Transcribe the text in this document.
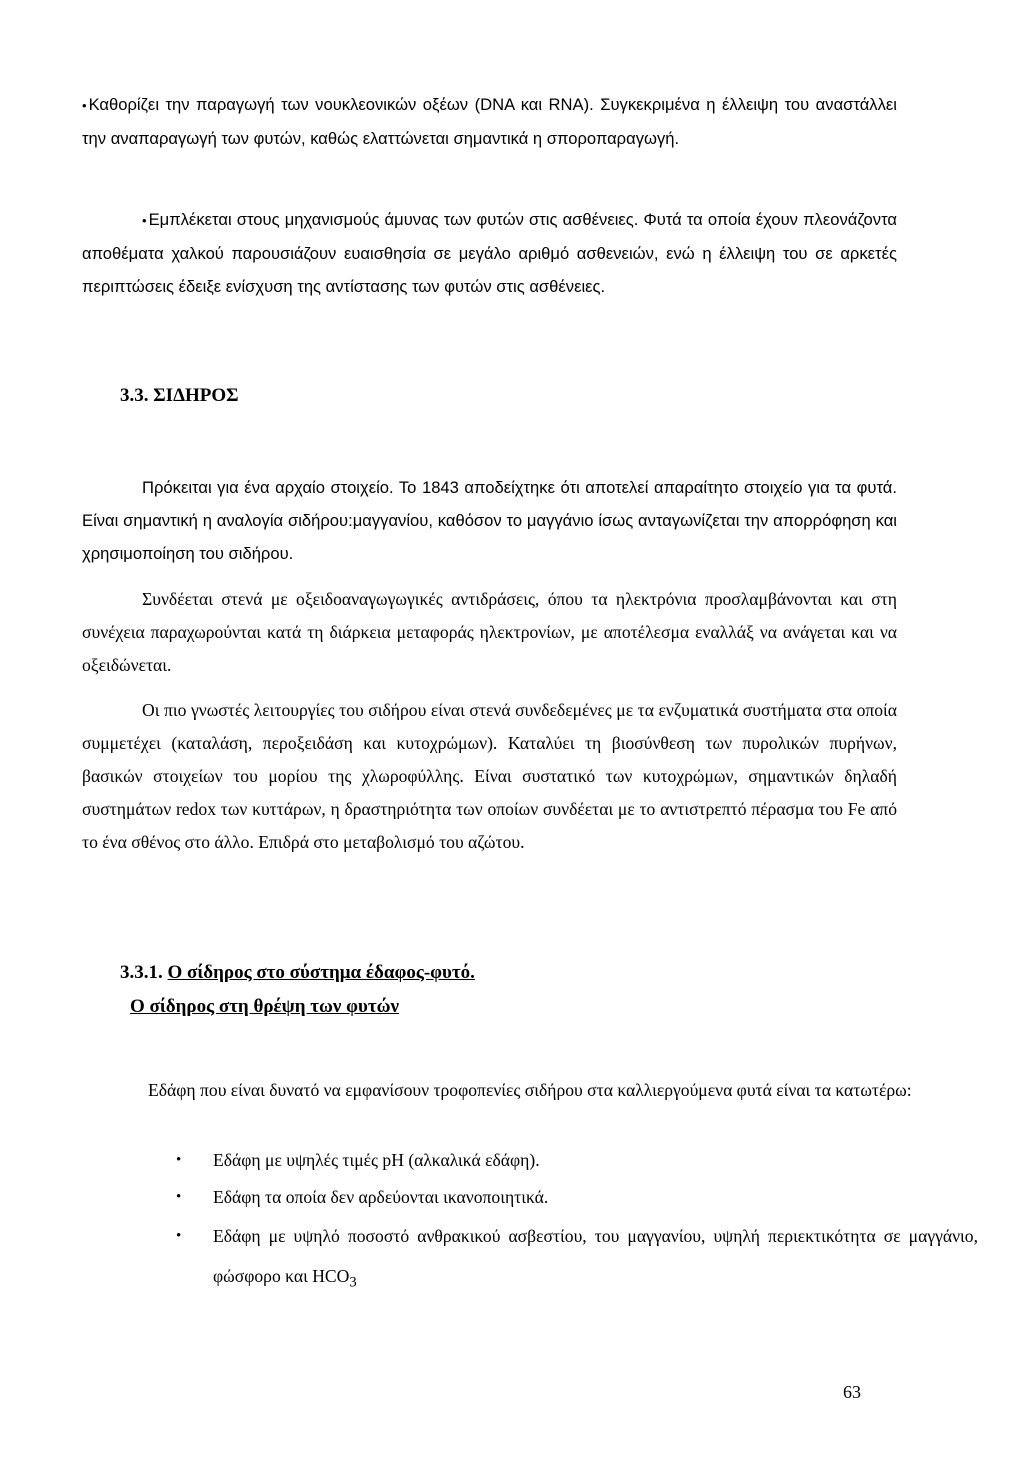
• Καθορίζει την παραγωγή των νουκλεονικών οξέων (DNA και RNA). Συγκεκριμένα η έλλειψη του αναστάλλει την αναπαραγωγή των φυτών, καθώς ελαττώνεται σημαντικά η σποροπαραγωγή.

• Εμπλέκεται στους μηχανισμούς άμυνας των φυτών στις ασθένειες. Φυτά τα οποία έχουν πλεονάζοντα αποθέματα χαλκού παρουσιάζουν ευαισθησία σε μεγάλο αριθμό ασθενειών, ενώ η έλλειψη του σε αρκετές περιπτώσεις έδειξε ενίσχυση της αντίστασης των φυτών στις ασθένειες.

3.3. ΣΙΔΗΡΟΣ

Πρόκειται για ένα αρχαίο στοιχείο. Το 1843 αποδείχτηκε ότι αποτελεί απαραίτητο στοιχείο για τα φυτά. Είναι σημαντική η αναλογία σιδήρου:μαγγανίου, καθόσον το μαγγάνιο ίσως ανταγωνίζεται την απορρόφηση και χρησιμοποίηση του σιδήρου.

Συνδέεται στενά με οξειδοαναγωγωγικές αντιδράσεις, όπου τα ηλεκτρόνια προσλαμβάνονται και στη συνέχεια παραχωρούνται κατά τη διάρκεια μεταφοράς ηλεκτρονίων, με αποτέλεσμα εναλλάξ να ανάγεται και να οξειδώνεται.

Οι πιο γνωστές λειτουργίες του σιδήρου είναι στενά συνδεδεμένες με τα ενζυματικά συστήματα στα οποία συμμετέχει (καταλάση, περοξειδάση και κυτοχρώμων). Καταλύει τη βιοσύνθεση των πυρολικών πυρήνων, βασικών στοιχείων του μορίου της χλωροφύλλης. Είναι συστατικό των κυτοχρώμων, σημαντικών δηλαδή συστημάτων redox των κυττάρων, η δραστηριότητα των οποίων συνδέεται με το αντιστρεπτό πέρασμα του Fe από το ένα σθένος στο άλλο. Επιδρά στο μεταβολισμό του αζώτου.

3.3.1. Ο σίδηρος στο σύστημα έδαφος-φυτό.
Ο σίδηρος στη θρέψη των φυτών

Εδάφη που είναι δυνατό να εμφανίσουν τροφοπενίες σιδήρου στα καλλιεργούμενα φυτά είναι τα κατωτέρω:

• Εδάφη με υψηλές τιμές pH (αλκαλικά εδάφη).
• Εδάφη τα οποία δεν αρδεύονται ικανοποιητικά.
• Εδάφη με υψηλό ποσοστό ανθρακικού ασβεστίου, του μαγγανίου, υψηλή περιεκτικότητα σε μαγγάνιο, φώσφορο και $HCO_3$

63
